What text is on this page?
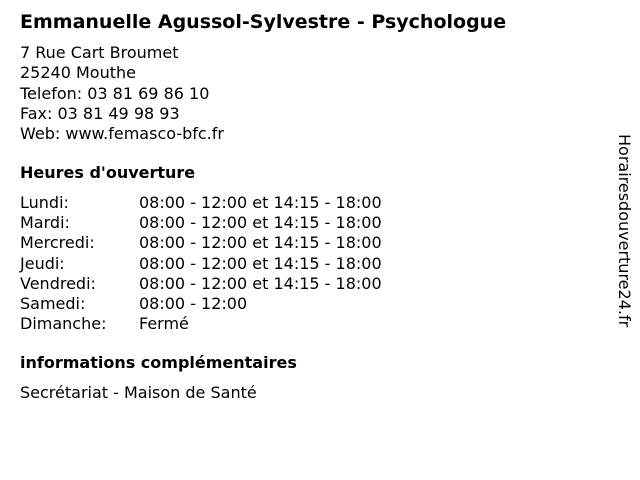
Emmanuelle Agussol-Sylvestre - Psychologue
7 Rue Cart Broumet
25240 Mouthe
Telefon: 03 81 69 86 10
Fax: 03 81 49 98 93
Web: www.femasco-bfc.fr
Heures d'ouverture
Lundi:	08:00 - 12:00 et 14:15 - 18:00
Mardi:	08:00 - 12:00 et 14:15 - 18:00
Mercredi:	08:00 - 12:00 et 14:15 - 18:00
Jeudi:	08:00 - 12:00 et 14:15 - 18:00
Vendredi:	08:00 - 12:00 et 14:15 - 18:00
Samedi:	08:00 - 12:00
Dimanche: Fermé
informations complémentaires
Secrétariat - Maison de Santé
Horairesdouverture24.fr
